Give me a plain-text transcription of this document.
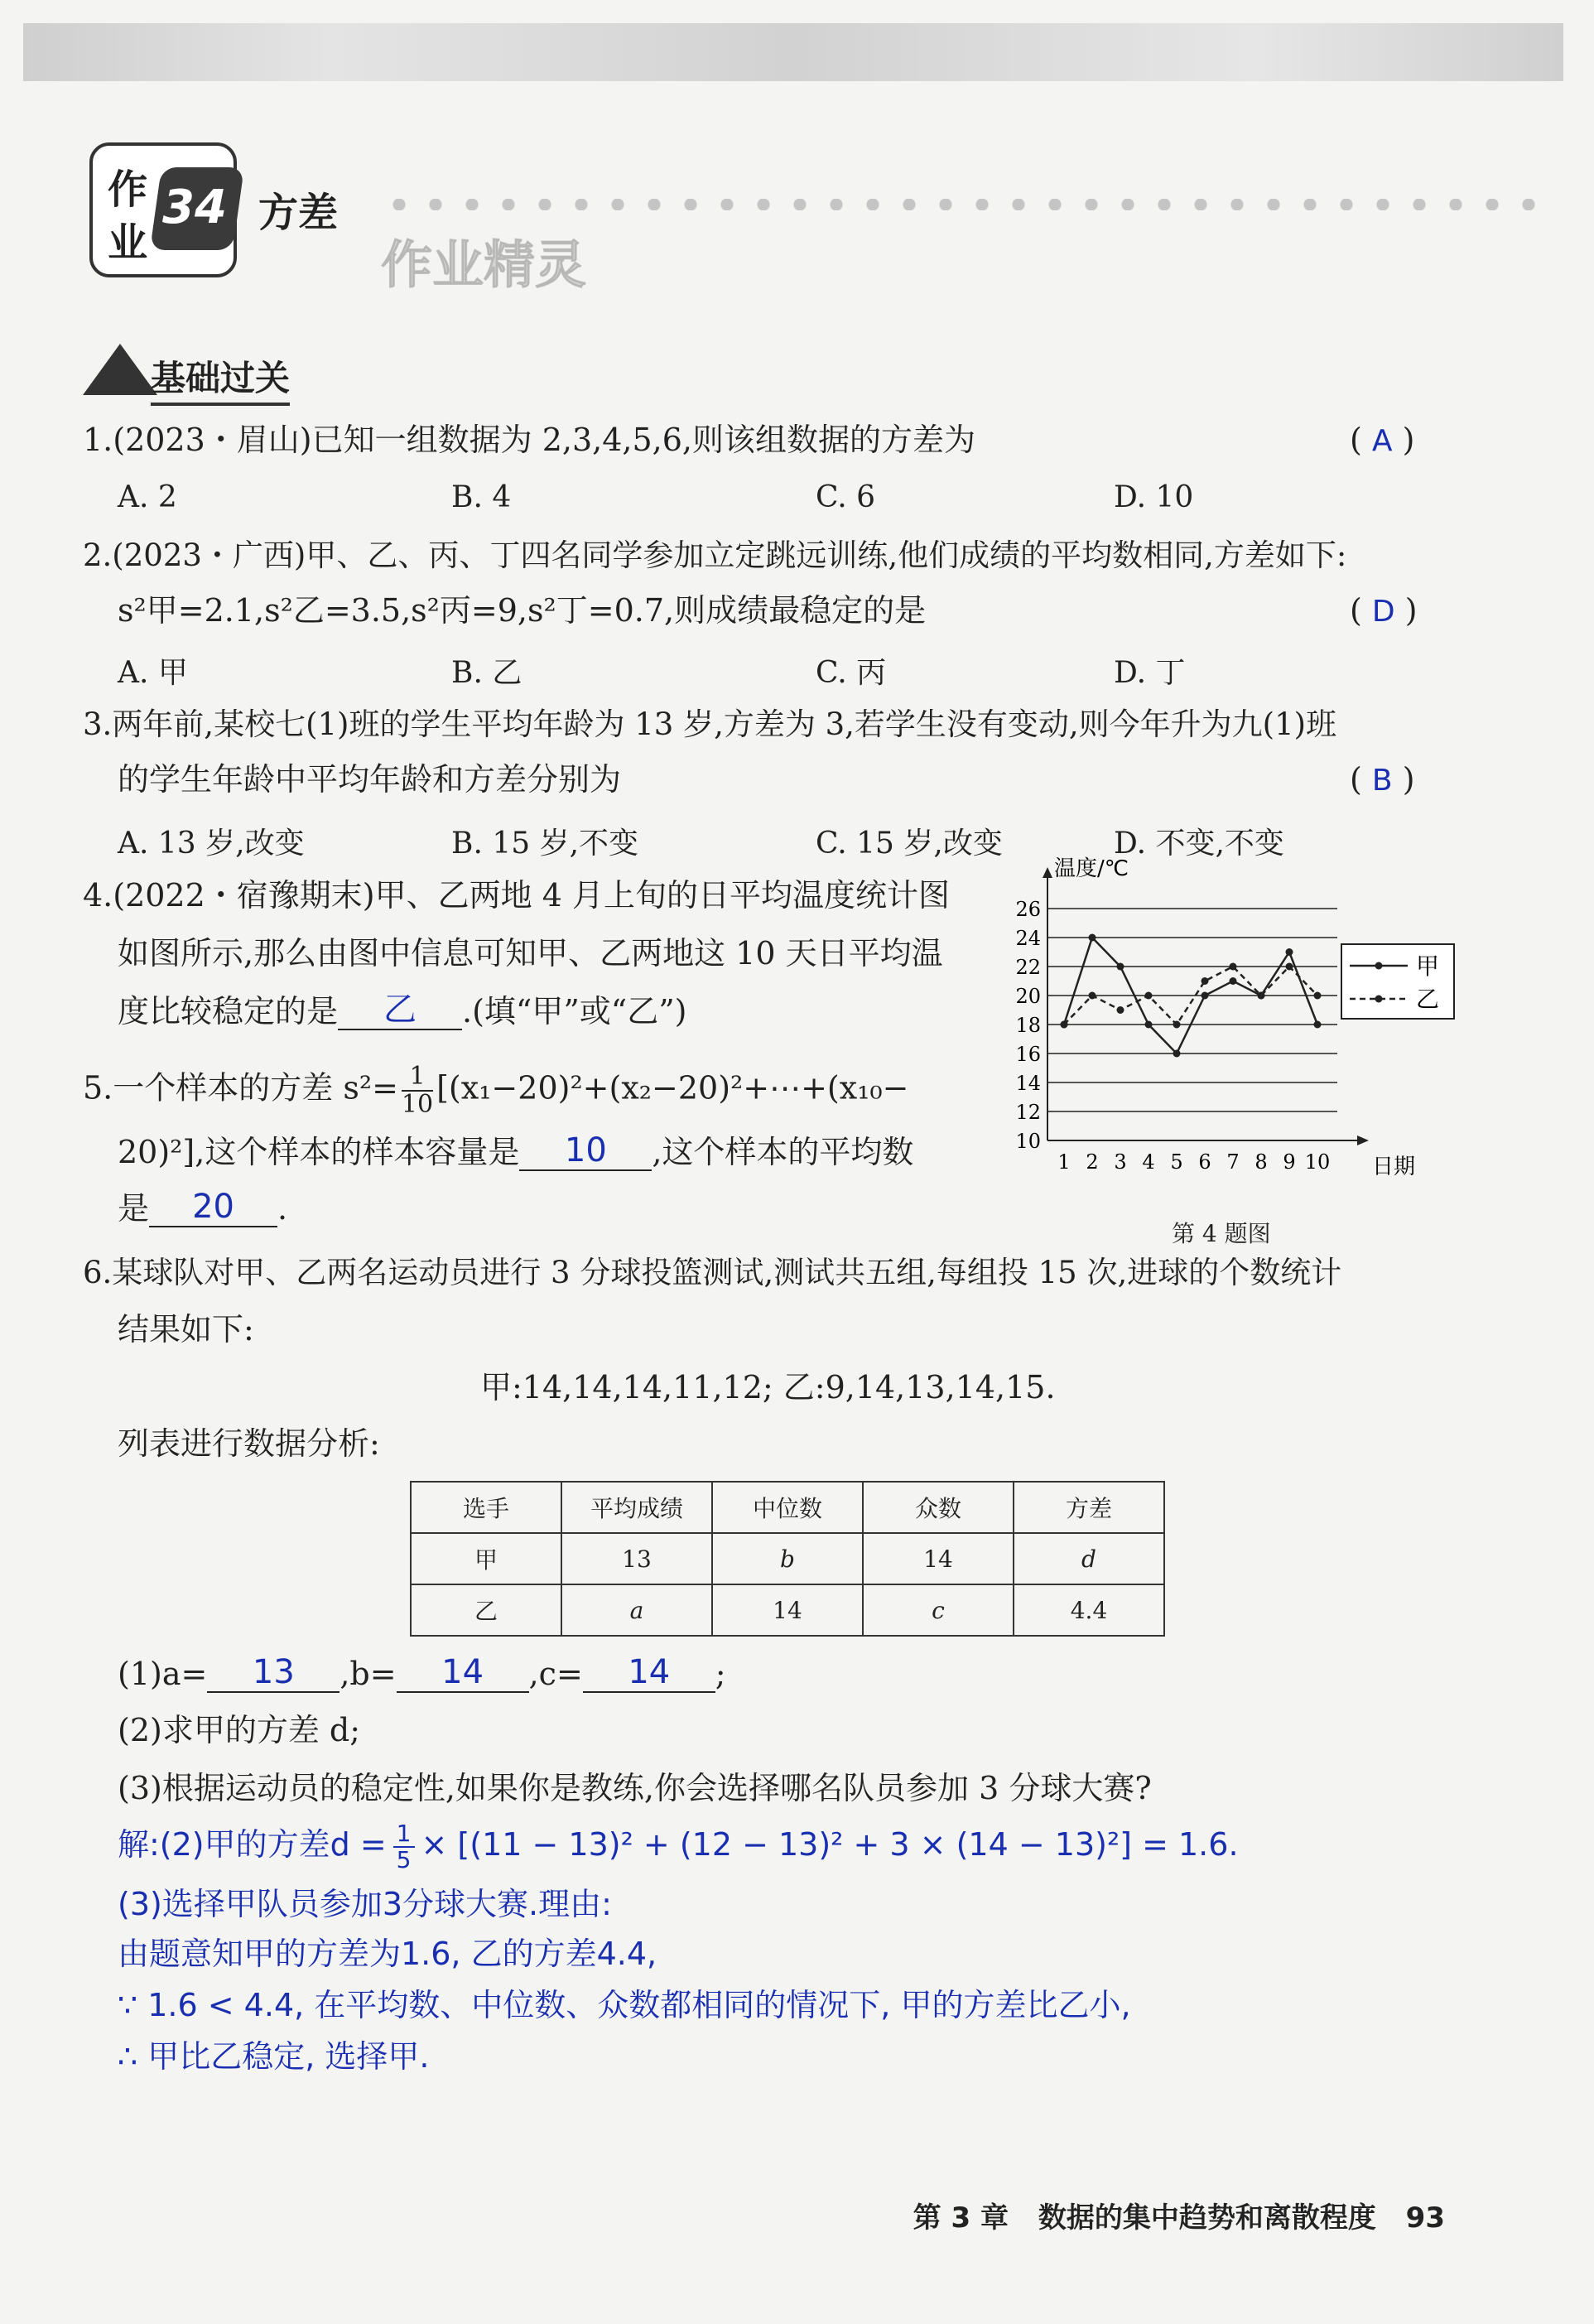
作
业
34 方差
作业精灵
基础过关
1.(2023・眉山)已知一组数据为 2,3,4,5,6,则该组数据的方差为	( A )
A. 2	B. 4	C. 6	D. 10
2.(2023・广西)甲、乙、丙、丁四名同学参加立定跳远训练,他们成绩的平均数相同,方差如下:
s²甲=2.1,s²乙=3.5,s²丙=9,s²丁=0.7,则成绩最稳定的是	( D )
A. 甲	B. 乙	C. 丙	D. 丁
3.两年前,某校七(1)班的学生平均年龄为 13 岁,方差为 3,若学生没有变动,则今年升为九(1)班
的学生年龄中平均年龄和方差分别为	( B )
A. 13 岁,改变	B. 15 岁,不变	C. 15 岁,改变	D. 不变,不变
4.(2022・宿豫期末)甲、乙两地 4 月上旬的日平均温度统计图
如图所示,那么由图中信息可知甲、乙两地这 10 天日平均温
度比较稳定的是 乙 .(填“甲”或“乙”)
10
12
14
16
18
20
22
24
26
1 2 3 4 5 6 7 8 9 10
温度/℃
日期
甲
乙
5.一个样本的方差 $s^2= \frac{1}{10}$ [(x₁−20)²+(x₂−20)²+⋯+(x₁₀−
20)²],这个样本的样本容量是 10 ,这个样本的平均数
是 20 .
第 4 题图
6.某球队对甲、乙两名运动员进行 3 分球投篮测试,测试共五组,每组投 15 次,进球的个数统计
结果如下:
甲:14,14,14,11,12; 乙:9,14,13,14,15.
列表进行数据分析:
选手	平均成绩	中位数	众数	方差
甲	13	b	14	d
乙	a	14	c	4.4
(1)a= 13 ,b= 14 ,c= 14 ;
(2)求甲的方差 d;
(3)根据运动员的稳定性,如果你是教练,你会选择哪名队员参加 3 分球大赛?
解:(2)甲的方差$d = \frac{1}{5} \times [(11 - 13)^2 + (12 - 13)^2 + 3 \times (14 - 13)^2] = 1.6$.
(3)选择甲队员参加3分球大赛.理由:
由题意知甲的方差为1.6, 乙的方差4.4,
∵ 1.6 < 4.4, 在平均数、中位数、众数都相同的情况下, 甲的方差比乙小,
∴ 甲比乙稳定, 选择甲.
第 3 章 数据的集中趋势和离散程度 93
